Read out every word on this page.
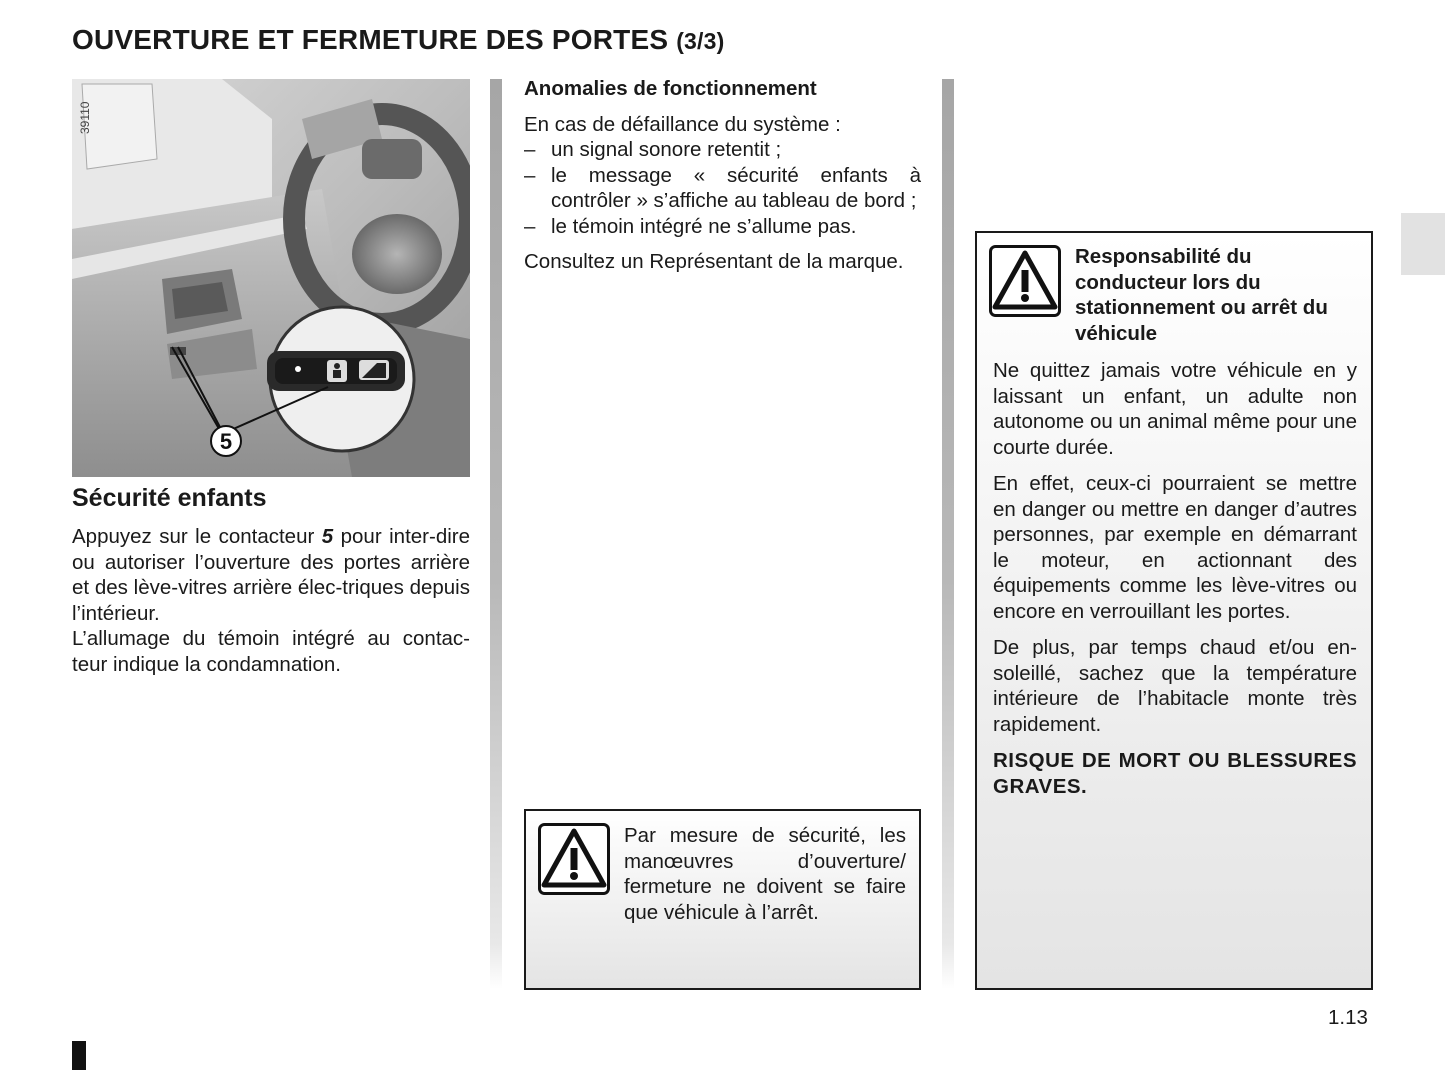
OUVERTURE ET FERMETURE DES PORTES (3/3)
5
39110
Sécurité enfants

Appuyez sur le contacteur 5 pour inter-dire ou autoriser l’ouverture des portes arrière et des lève-vitres arrière élec-triques depuis l’intérieur.

L’allumage du témoin intégré au contac-teur indique la condamnation.

Anomalies de fonctionnement

En cas de défaillance du système :

– un signal sonore retentit ;
– le message « sécurité enfants à contrôler » s’affiche au tableau de bord ;
– le témoin intégré ne s’allume pas.

Consultez un Représentant de la marque.

Par mesure de sécurité, les manœuvres d’ouverture/ fermeture ne doivent se faire que véhicule à l’arrêt.
Responsabilité du conducteur lors du stationnement ou arrêt du véhicule

Ne quittez jamais votre véhicule en y laissant un enfant, un adulte non autonome ou un animal même pour une courte durée.

En effet, ceux-ci pourraient se mettre en danger ou mettre en danger d’autres personnes, par exemple en démarrant le moteur, en actionnant des équipements comme les lève-vitres ou encore en verrouillant les portes.

De plus, par temps chaud et/ou en-soleillé, sachez que la température intérieure de l’habitacle monte très rapidement.

RISQUE DE MORT OU BLESSURES GRAVES.

1.13
